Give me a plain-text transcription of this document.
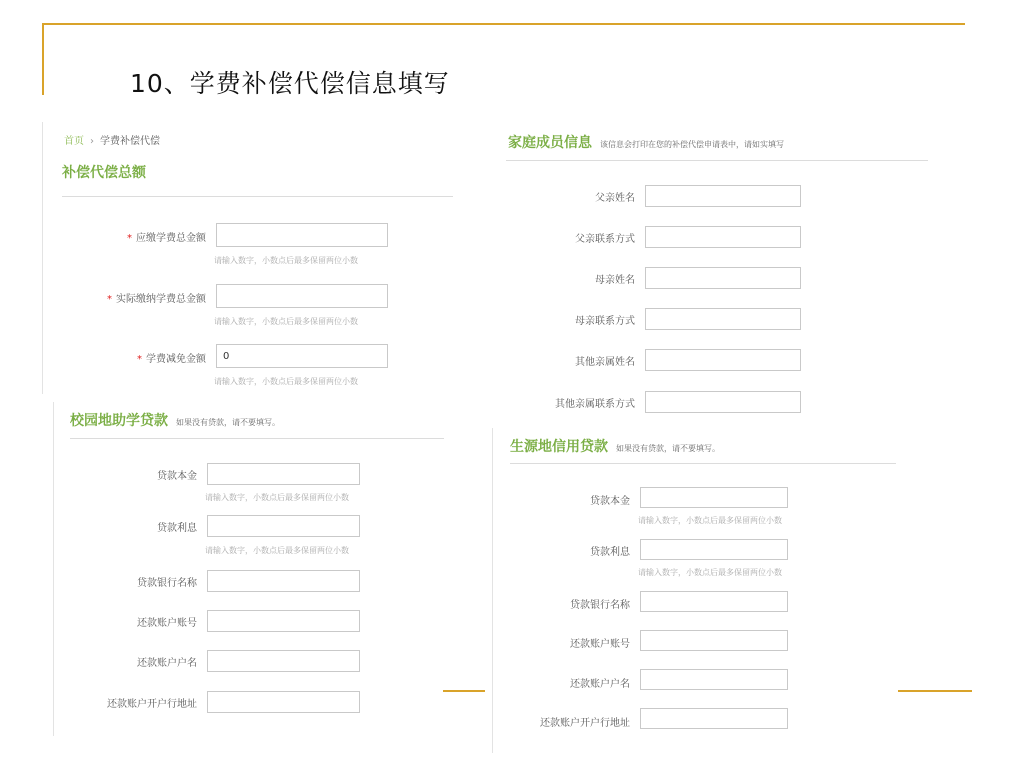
10、学费补偿代偿信息填写
首页 › 学费补偿代偿
补偿代偿总额
* 应缴学费总金额
请输入数字，小数点后最多保留两位小数
* 实际缴纳学费总金额
请输入数字，小数点后最多保留两位小数
* 学费减免金额
0
请输入数字，小数点后最多保留两位小数
家庭成员信息 该信息会打印在您的补偿代偿申请表中，请如实填写
父亲姓名
父亲联系方式
母亲姓名
母亲联系方式
其他亲属姓名
其他亲属联系方式
校园地助学贷款 如果没有贷款，请不要填写。
贷款本金
请输入数字，小数点后最多保留两位小数
贷款利息
请输入数字，小数点后最多保留两位小数
贷款银行名称
还款账户账号
还款账户户名
还款账户开户行地址
生源地信用贷款 如果没有贷款，请不要填写。
贷款本金
请输入数字，小数点后最多保留两位小数
贷款利息
请输入数字，小数点后最多保留两位小数
贷款银行名称
还款账户账号
还款账户户名
还款账户开户行地址
